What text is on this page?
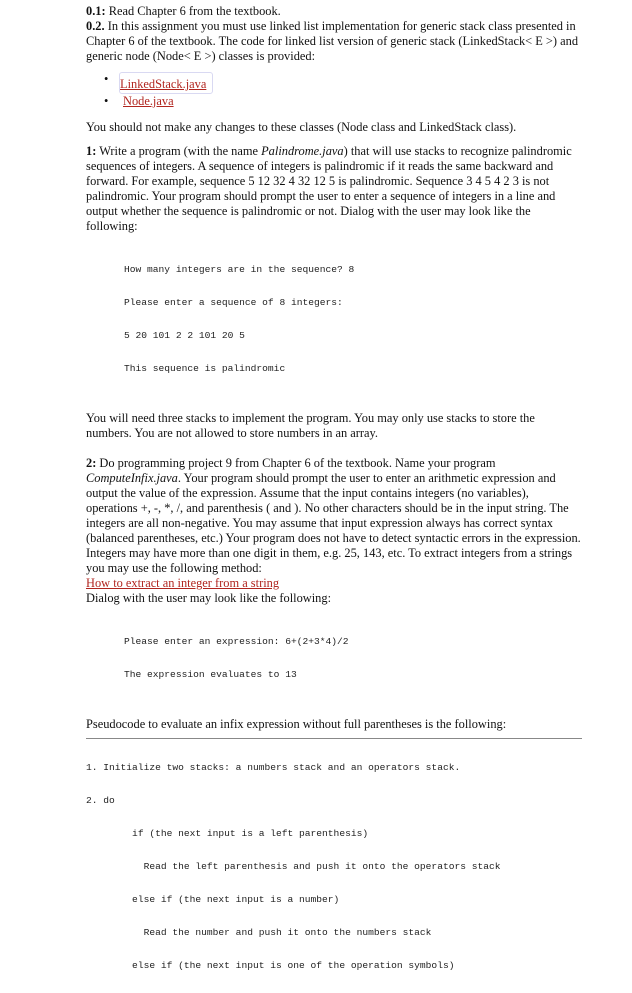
0.1: Read Chapter 6 from the textbook.

0.2. In this assignment you must use linked list implementation for generic stack class presented in Chapter 6 of the textbook. The code for linked list version of generic stack (LinkedStack< E >) and generic node (Node< E >) classes is provided:

• LinkedStack.java
• Node.java

You should not make any changes to these classes (Node class and LinkedStack class).

1: Write a program (with the name Palindrome.java) that will use stacks to recognize palindromic sequences of integers. A sequence of integers is palindromic if it reads the same backward and forward. For example, sequence 5 12 32 4 32 12 5 is palindromic. Sequence 3 4 5 4 2 3 is not palindromic. Your program should prompt the user to enter a sequence of integers in a line and output whether the sequence is palindromic or not. Dialog with the user may look like the following:

How many integers are in the sequence? 8

Please enter a sequence of 8 integers:

5 20 101 2 2 101 20 5

This sequence is palindromic

You will need three stacks to implement the program. You may only use stacks to store the numbers. You are not allowed to store numbers in an array.

2: Do programming project 9 from Chapter 6 of the textbook. Name your program ComputeInfix.java. Your program should prompt the user to enter an arithmetic expression and output the value of the expression. Assume that the input contains integers (no variables), operations +, -, *, /, and parenthesis ( and ). No other characters should be in the input string. The integers are all non-negative. You may assume that input expression always has correct syntax (balanced parentheses, etc.) Your program does not have to detect syntactic errors in the expression. Integers may have more than one digit in them, e.g. 25, 143, etc. To extract integers from a strings you may use the following method:

How to extract an integer from a string

Dialog with the user may look like the following:

Please enter an expression: 6+(2+3*4)/2

The expression evaluates to 13

Pseudocode to evaluate an infix expression without full parentheses is the following:

1. Initialize two stacks: a numbers stack and an operators stack.

2. do

if (the next input is a left parenthesis)

Read the left parenthesis and push it onto the operators stack

else if (the next input is a number)

Read the number and push it onto the numbers stack

else if (the next input is one of the operation symbols)
